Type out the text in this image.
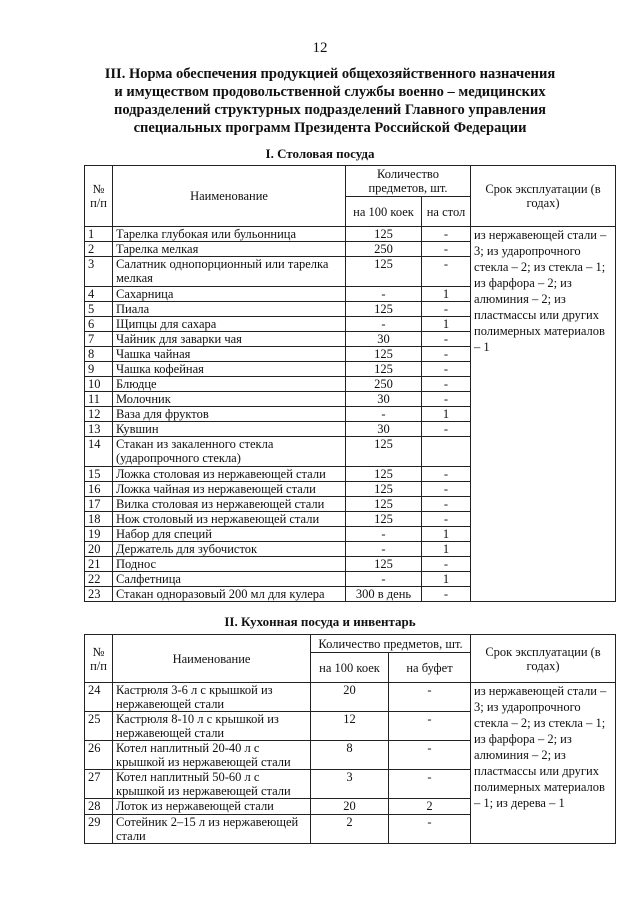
12
III. Норма обеспечения продукцией общехозяйственного назначения
и имуществом продовольственной службы военно – медицинских
подразделений структурных подразделений Главного управления
специальных программ Президента Российской Федерации
I. Столовая посуда
№ п/п	Наименование	Количество предметов, шт.		Срок эксплуатации (в годах)
		на 100 коек	на стол	
1	Тарелка глубокая или бульонница	125	-	из нержавеющей стали – 3; из ударопрочного стекла – 2; из стекла – 1; из фарфора – 2; из алюминия – 2; из пластмассы или других полимерных материалов – 1
2	Тарелка мелкая	250	-	
3	Салатник однопорционный или тарелка мелкая	125	-	
4	Сахарница	-	1	
5	Пиала	125	-	
6	Щипцы для сахара	-	1	
7	Чайник для заварки чая	30	-	
8	Чашка чайная	125	-	
9	Чашка кофейная	125	-	
10	Блюдце	250	-	
11	Молочник	30	-	
12	Ваза для фруктов	-	1	
13	Кувшин	30	-	
14	Стакан из закаленного стекла (ударопрочного стекла)	125		
15	Ложка столовая из нержавеющей стали	125	-	
16	Ложка чайная из нержавеющей стали	125	-	
17	Вилка столовая из нержавеющей стали	125	-	
18	Нож столовый из нержавеющей стали	125	-	
19	Набор для специй	-	1	
20	Держатель для зубочисток	-	1	
21	Поднос	125	-	
22	Салфетница	-	1	
23	Стакан одноразовый 200 мл для кулера	300 в день	-	
II. Кухонная посуда и инвентарь
№ п/п	Наименование	Количество предметов, шт.		Срок эксплуатации (в годах)
		на 100 коек	на буфет	
24	Кастрюля 3-6 л с крышкой из нержавеющей стали	20	-	из нержавеющей стали – 3; из ударопрочного стекла – 2; из стекла – 1; из фарфора – 2; из алюминия – 2; из пластмассы или других полимерных материалов – 1; из дерева – 1
25	Кастрюля 8-10 л с крышкой из нержавеющей стали	12	-	
26	Котел наплитный 20-40 л с крышкой из нержавеющей стали	8	-	
27	Котел наплитный 50-60 л с крышкой из нержавеющей стали	3	-	
28	Лоток из нержавеющей стали	20	2	
29	Сотейник 2–15 л из нержавеющей стали	2	-	
